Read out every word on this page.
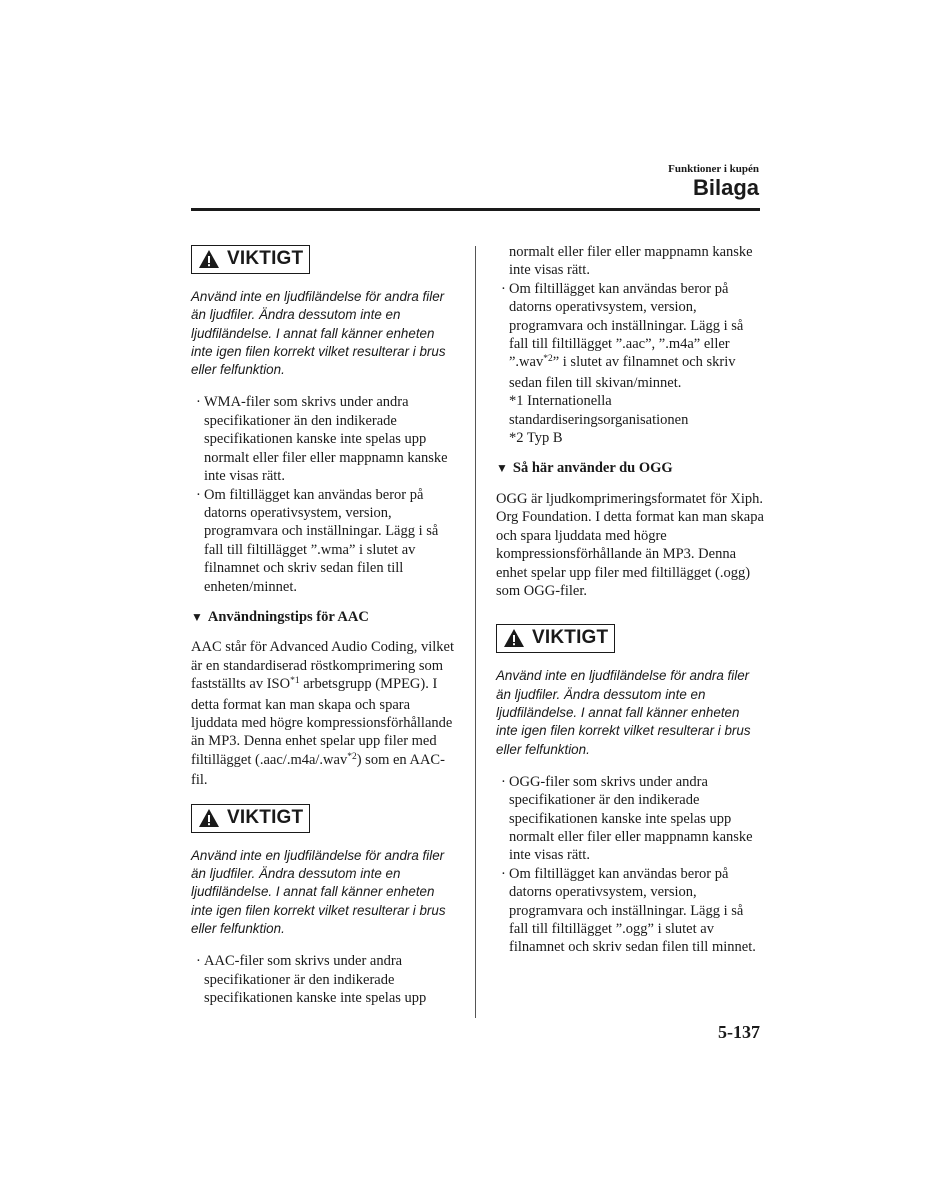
Funktioner i kupén
Bilaga
VIKTIGT

Använd inte en ljudfiländelse för andra filer än ljudfiler. Ändra dessutom inte en ljudfiländelse. I annat fall känner enheten inte igen filen korrekt vilket resulterar i brus eller felfunktion.

· WMA-filer som skrivs under andra specifikationer än den indikerade specifikationen kanske inte spelas upp normalt eller filer eller mappnamn kanske inte visas rätt.
· Om filtillägget kan användas beror på datorns operativsystem, version, programvara och inställningar. Lägg i så fall till filtillägget ”.wma” i slutet av filnamnet och skriv sedan filen till enheten/minnet.
▼ Användningstips för AAC

AAC står för Advanced Audio Coding, vilket är en standardiserad röstkomprimering som fastställts av ISO$^{*1}$ arbetsgrupp (MPEG). I detta format kan man skapa och spara ljuddata med högre kompressionsförhållande än MP3. Denna enhet spelar upp filer med filtillägget (.aac/.m4a/.wav$^{*2}$) som en AAC-fil.

VIKTIGT

Använd inte en ljudfiländelse för andra filer än ljudfiler. Ändra dessutom inte en ljudfiländelse. I annat fall känner enheten inte igen filen korrekt vilket resulterar i brus eller felfunktion.

· AAC-filer som skrivs under andra specifikationer är den indikerade specifikationen kanske inte spelas upp
normalt eller filer eller mappnamn kanske inte visas rätt.
· Om filtillägget kan användas beror på datorns operativsystem, version, programvara och inställningar. Lägg i så fall till filtillägget ”.aac”, ”.m4a” eller ”.wav$^{*2}$” i slutet av filnamnet och skriv sedan filen till skivan/minnet.
*1 Internationella
standardiseringsorganisationen
*2 Typ B
▼ Så här använder du OGG

OGG är ljudkomprimeringsformatet för Xiph. Org Foundation. I detta format kan man skapa och spara ljuddata med högre kompressionsförhållande än MP3. Denna enhet spelar upp filer med filtillägget (.ogg) som OGG-filer.

VIKTIGT

Använd inte en ljudfiländelse för andra filer än ljudfiler. Ändra dessutom inte en ljudfiländelse. I annat fall känner enheten inte igen filen korrekt vilket resulterar i brus eller felfunktion.

· OGG-filer som skrivs under andra specifikationer är den indikerade specifikationen kanske inte spelas upp normalt eller filer eller mappnamn kanske inte visas rätt.
· Om filtillägget kan användas beror på datorns operativsystem, version, programvara och inställningar. Lägg i så fall till filtillägget ”.ogg” i slutet av filnamnet och skriv sedan filen till minnet.
5-137
